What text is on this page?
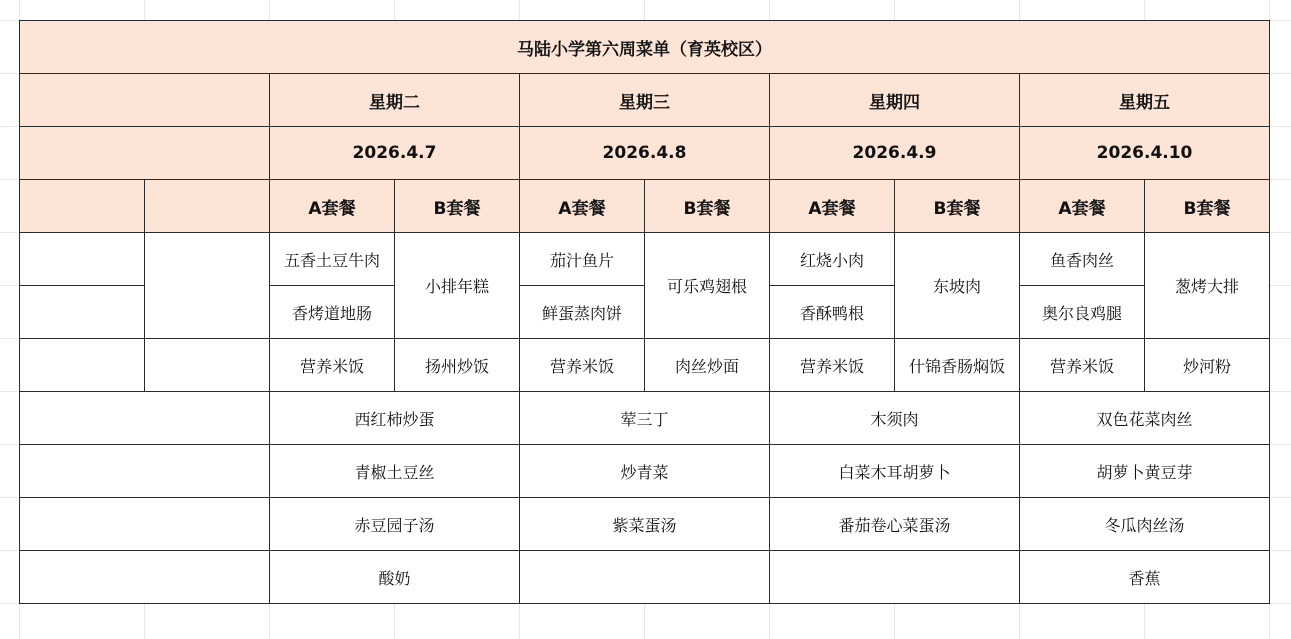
马陆小学第六周菜单（育英校区）									
		星期二		星期三		星期四		星期五	
		2026.4.7		2026.4.8		2026.4.9		2026.4.10	
		A套餐	B套餐	A套餐	B套餐	A套餐	B套餐	A套餐	B套餐
		五香土豆牛肉	小排年糕	茄汁鱼片	可乐鸡翅根	红烧小肉	东坡肉	鱼香肉丝	葱烤大排
		香烤道地肠		鲜蛋蒸肉饼		香酥鸭根		奥尔良鸡腿	
		营养米饭	扬州炒饭	营养米饭	肉丝炒面	营养米饭	什锦香肠焖饭	营养米饭	炒河粉
		西红柿炒蛋		荤三丁		木须肉		双色花菜肉丝	
		青椒土豆丝		炒青菜		白菜木耳胡萝卜		胡萝卜黄豆芽	
		赤豆园子汤		紫菜蛋汤		番茄卷心菜蛋汤		冬瓜肉丝汤	
		酸奶						香蕉	
